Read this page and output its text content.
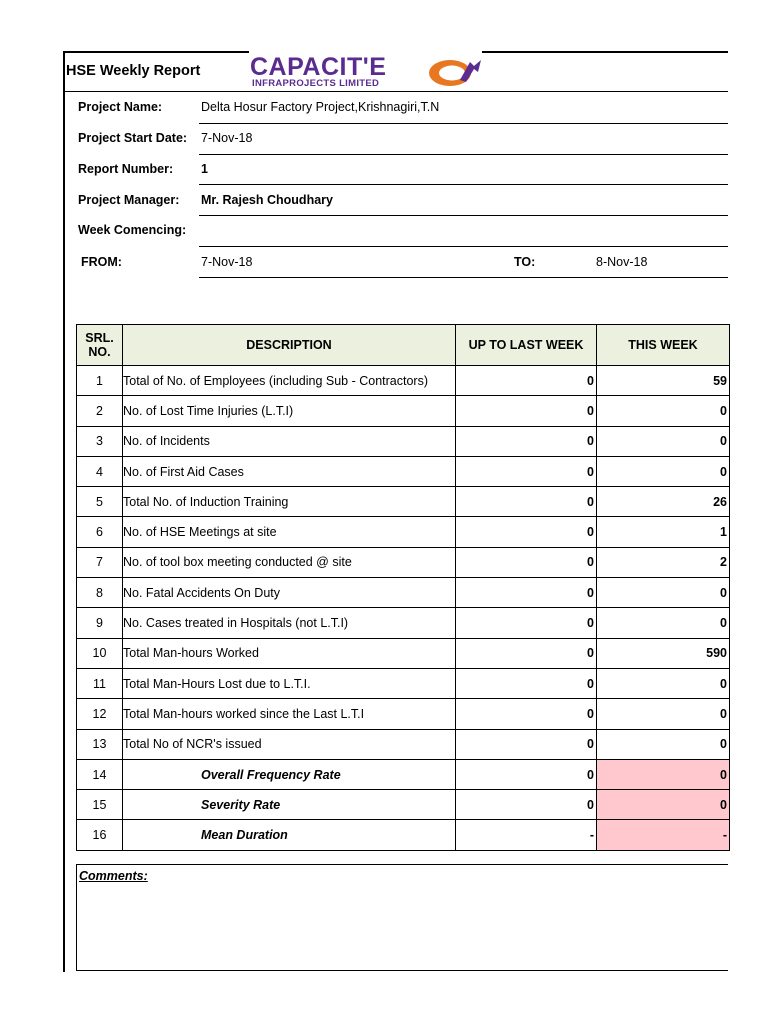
HSE Weekly Report CAPACIT'E
INFRAPROJECTS LIMITED
Project Name:	Delta Hosur Factory Project,Krishnagiri,T.N
Project Start Date: 7-Nov-18
Report Number: 1
Project Manager: Mr. Rajesh Choudhary
Week Comencing:
FROM:	7-Nov-18	TO:	8-Nov-18
SRL.
NO.	DESCRIPTION	UP TO LAST WEEK	THIS WEEK
1	Total of No. of Employees (including Sub - Contractors)	0	59
2	No. of Lost Time Injuries (L.T.I)	0	0
3	No. of Incidents	0	0
4	No. of First Aid Cases	0	0
5	Total No. of Induction Training	0	26
6	No. of HSE Meetings at site	0	1
7	No. of tool box meeting conducted @ site	0	2
8	No. Fatal Accidents On Duty	0	0
9	No. Cases treated in Hospitals (not L.T.I)	0	0
10	Total Man-hours Worked	0	590
11	Total Man-Hours Lost due to L.T.I.	0	0
12	Total Man-hours worked since the Last L.T.I	0	0
13	Total No of NCR's issued	0	0
14	Overall Frequency Rate	0	0
15	Severity Rate	0	0
16	Mean Duration	-	-
Comments:
